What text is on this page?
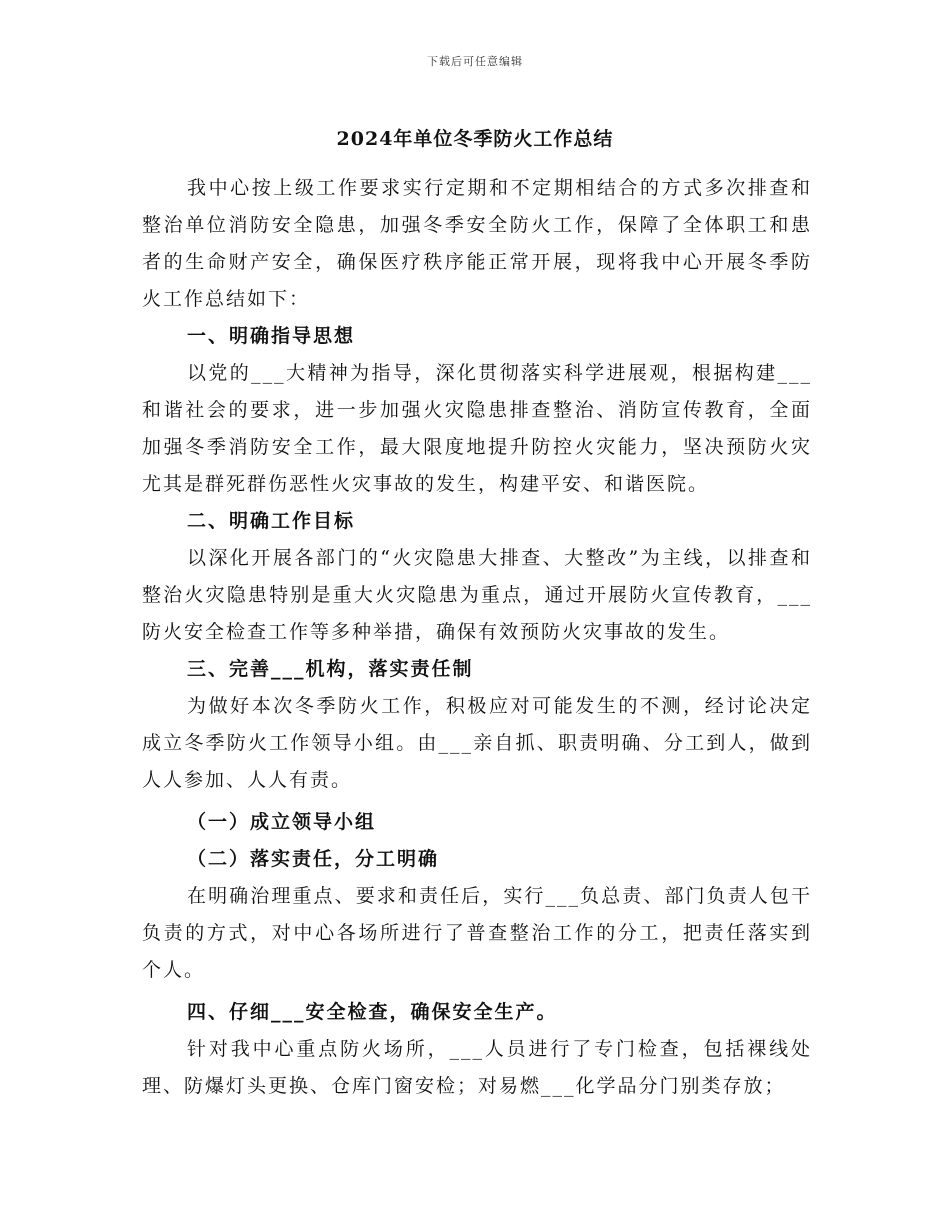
下载后可任意编辑
2024年单位冬季防火工作总结

我中心按上级工作要求实行定期和不定期相结合的方式多次排查和整治单位消防安全隐患，加强冬季安全防火工作，保障了全体职工和患者的生命财产安全，确保医疗秩序能正常开展，现将我中心开展冬季防火工作总结如下：

一、明确指导思想

以党的___大精神为指导，深化贯彻落实科学进展观，根据构建___和谐社会的要求，进一步加强火灾隐患排查整治、消防宣传教育，全面加强冬季消防安全工作，最大限度地提升防控火灾能力，坚决预防火灾尤其是群死群伤恶性火灾事故的发生，构建平安、和谐医院。

二、明确工作目标

以深化开展各部门的“火灾隐患大排查、大整改”为主线，以排查和整治火灾隐患特别是重大火灾隐患为重点，通过开展防火宣传教育，___防火安全检查工作等多种举措，确保有效预防火灾事故的发生。

三、完善___机构，落实责任制

为做好本次冬季防火工作，积极应对可能发生的不测，经讨论决定成立冬季防火工作领导小组。由___亲自抓、职责明确、分工到人，做到人人参加、人人有责。

（一）成立领导小组
（二）落实责任，分工明确

在明确治理重点、要求和责任后，实行___负总责、部门负责人包干负责的方式，对中心各场所进行了普查整治工作的分工，把责任落实到个人。

四、仔细___安全检查，确保安全生产。

针对我中心重点防火场所，___人员进行了专门检查，包括裸线处理、防爆灯头更换、仓库门窗安检；对易燃___化学品分门别类存放；
